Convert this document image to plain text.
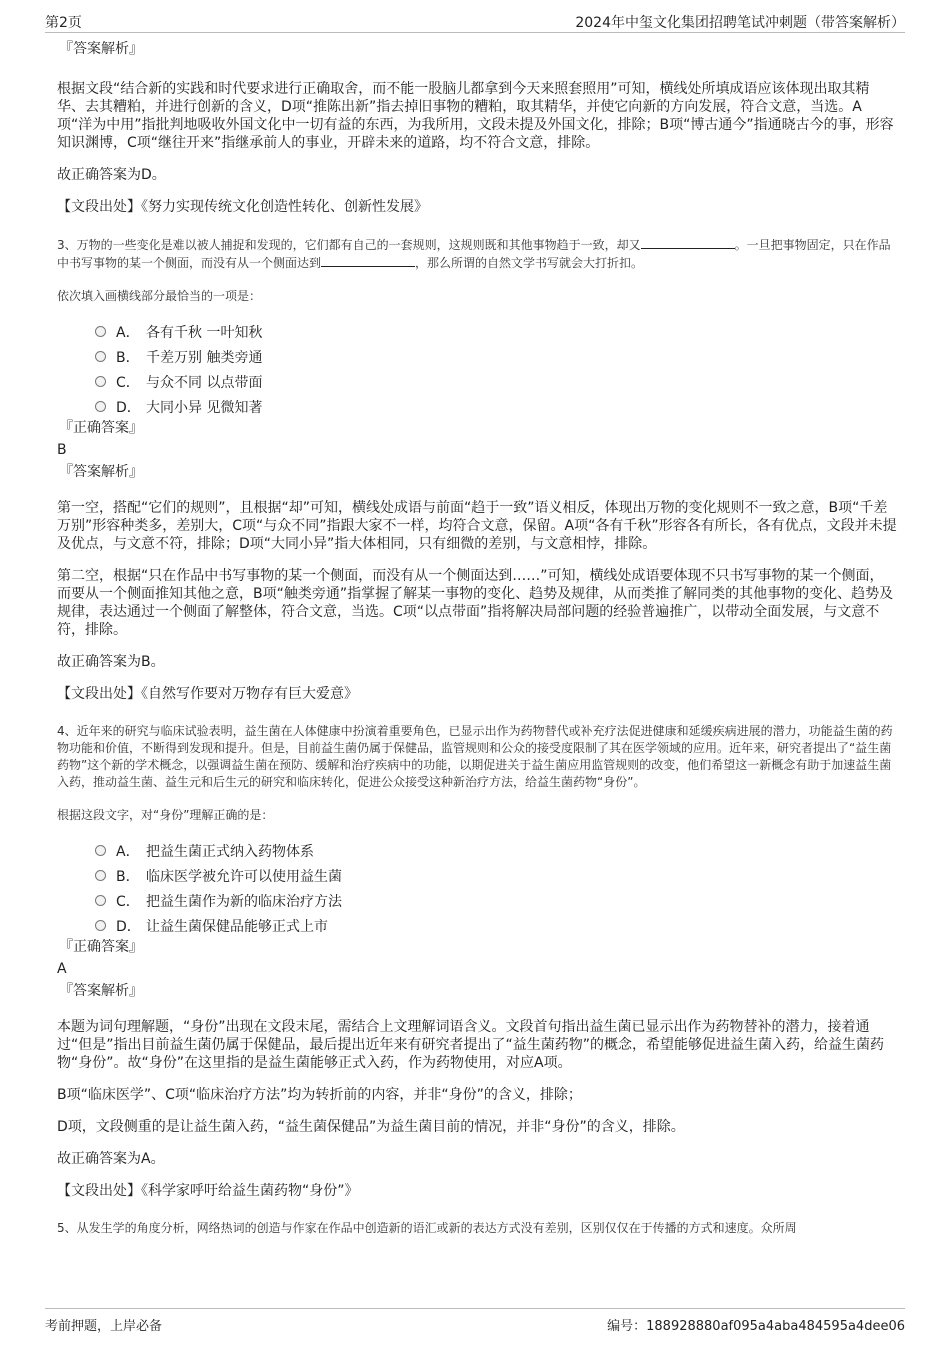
第2页	2024年中玺文化集团招聘笔试冲刺题（带答案解析）
『答案解析』

根据文段“结合新的实践和时代要求进行正确取舍，而不能一股脑儿都拿到今天来照套照用”可知，横线处所填成语应该体现出取其精华、去其糟粕，并进行创新的含义，D项“推陈出新”指去掉旧事物的糟粕，取其精华，并使它向新的方向发展，符合文意，当选。A项“洋为中用”指批判地吸收外国文化中一切有益的东西，为我所用，文段未提及外国文化，排除；B项“博古通今”指通晓古今的事，形容知识渊博，C项“继往开来”指继承前人的事业，开辟未来的道路，均不符合文意，排除。

故正确答案为D。

【文段出处】《努力实现传统文化创造性转化、创新性发展》

3、万物的一些变化是难以被人捕捉和发现的，它们都有自己的一套规则，这规则既和其他事物趋于一致，却又	。一旦把事物固定，只在作品中书写事物的某一个侧面，而没有从一个侧面达到	，那么所谓的自然文学书写就会大打折扣。

依次填入画横线部分最恰当的一项是：

A． 各有千秋 一叶知秋
B． 千差万别 触类旁通
C． 与众不同 以点带面
D． 大同小异 见微知著
『正确答案』
B
『答案解析』

第一空，搭配“它们的规则”，且根据“却”可知，横线处成语与前面“趋于一致”语义相反，体现出万物的变化规则不一致之意，B项“千差万别”形容种类多，差别大，C项“与众不同”指跟大家不一样，均符合文意，保留。A项“各有千秋”形容各有所长，各有优点，文段并未提及优点，与文意不符，排除；D项“大同小异”指大体相同，只有细微的差别，与文意相悖，排除。

第二空，根据“只在作品中书写事物的某一个侧面，而没有从一个侧面达到……”可知，横线处成语要体现不只书写事物的某一个侧面，而要从一个侧面推知其他之意，B项“触类旁通”指掌握了解某一事物的变化、趋势及规律，从而类推了解同类的其他事物的变化、趋势及规律，表达通过一个侧面了解整体，符合文意，当选。C项“以点带面”指将解决局部问题的经验普遍推广，以带动全面发展，与文意不符，排除。

故正确答案为B。

【文段出处】《自然写作要对万物存有巨大爱意》

4、近年来的研究与临床试验表明，益生菌在人体健康中扮演着重要角色，已显示出作为药物替代或补充疗法促进健康和延缓疾病进展的潜力，功能益生菌的药物功能和价值，不断得到发现和提升。但是，目前益生菌仍属于保健品，监管规则和公众的接受度限制了其在医学领域的应用。近年来，研究者提出了“益生菌药物”这个新的学术概念，以强调益生菌在预防、缓解和治疗疾病中的功能，以期促进关于益生菌应用监管规则的改变，他们希望这一新概念有助于加速益生菌入药，推动益生菌、益生元和后生元的研究和临床转化，促进公众接受这种新治疗方法，给益生菌药物“身份”。

根据这段文字，对“身份”理解正确的是：

A． 把益生菌正式纳入药物体系
B． 临床医学被允许可以使用益生菌
C． 把益生菌作为新的临床治疗方法
D． 让益生菌保健品能够正式上市
『正确答案』
A
『答案解析』

本题为词句理解题，“身份”出现在文段末尾，需结合上文理解词语含义。文段首句指出益生菌已显示出作为药物替补的潜力，接着通过“但是”指出目前益生菌仍属于保健品，最后提出近年来有研究者提出了“益生菌药物”的概念，希望能够促进益生菌入药，给益生菌药物“身份”。故“身份”在这里指的是益生菌能够正式入药，作为药物使用，对应A项。

B项“临床医学”、C项“临床治疗方法”均为转折前的内容，并非“身份”的含义，排除；

D项，文段侧重的是让益生菌入药，“益生菌保健品”为益生菌目前的情况，并非“身份”的含义，排除。

故正确答案为A。

【文段出处】《科学家呼吁给益生菌药物“身份”》

5、从发生学的角度分析，网络热词的创造与作家在作品中创造新的语汇或新的表达方式没有差别，区别仅仅在于传播的方式和速度。众所周

考前押题，上岸必备	编号：188928880af095a4aba484595a4dee06
